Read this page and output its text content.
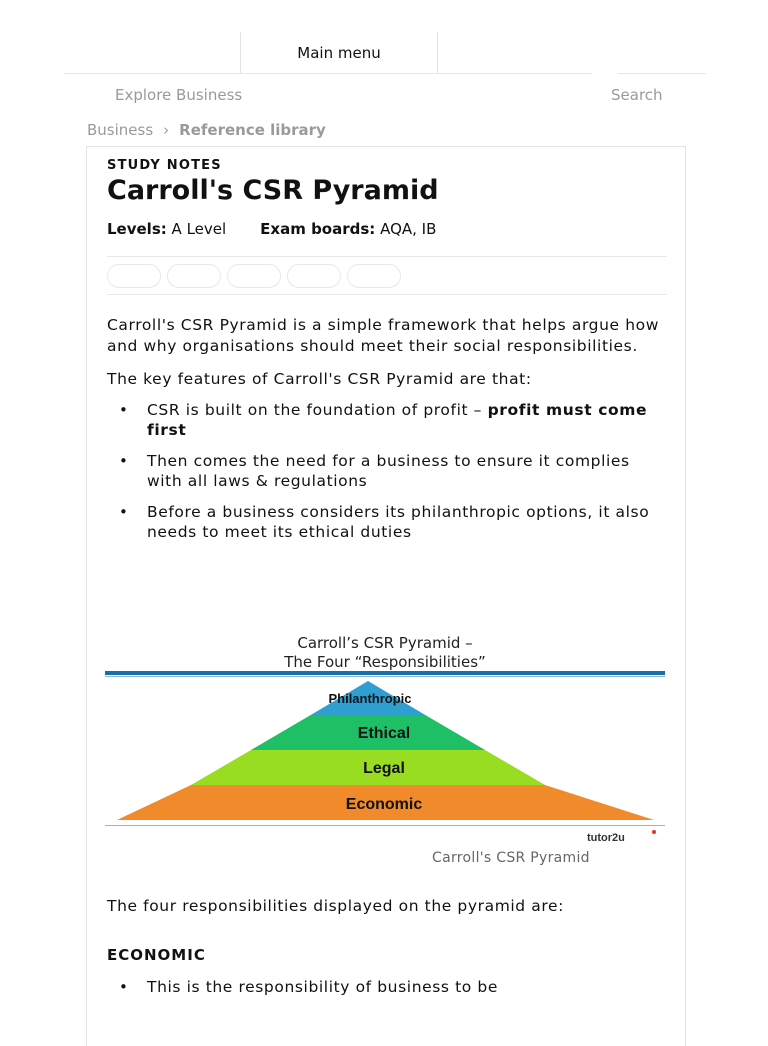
Main menu
Explore Business	Search
Business › Reference library
STUDY NOTES
Carroll's CSR Pyramid
Levels: A Level Exam boards: AQA, IB

Carroll's CSR Pyramid is a simple framework that helps argue how and why organisations should meet their social responsibilities.

The key features of Carroll's CSR Pyramid are that:

• CSR is built on the foundation of profit – profit must come first
• Then comes the need for a business to ensure it complies with all laws & regulations
• Before a business considers its philanthropic options, it also needs to meet its ethical duties
Carroll’s CSR Pyramid –
The Four “Responsibilities”
Philanthropic
Ethical
Legal
Economic
tutor2u
Carroll's CSR Pyramid

The four responsibilities displayed on the pyramid are:

ECONOMIC
• This is the responsibility of business to be
